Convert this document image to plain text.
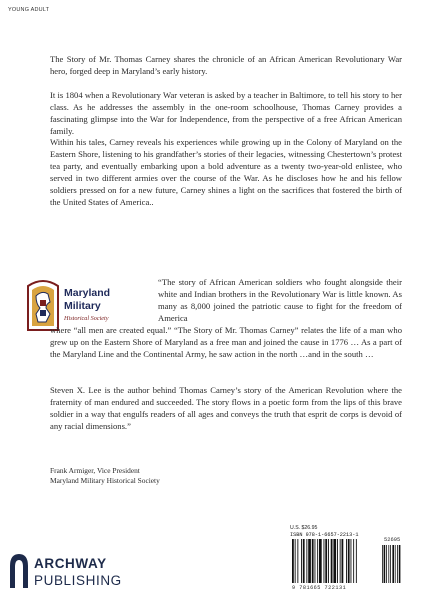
YOUNG ADULT

The Story of Mr. Thomas Carney shares the chronicle of an African American Revolutionary War hero, forged deep in Maryland’s early history.

It is 1804 when a Revolutionary War veteran is asked by a teacher in Baltimore, to tell his story to her class. As he addresses the assembly in the one-room schoolhouse, Thomas Carney provides a fascinating glimpse into the War for Independence, from the perspective of a free African American family.

Within his tales, Carney reveals his experiences while growing up in the Colony of Maryland on the Eastern Shore, listening to his grandfather’s stories of their legacies, witnessing Chestertown’s protest tea party, and eventually embarking upon a bold adventure as a twenty two-year-old enlistee, who served in two different armies over the course of the War. As he discloses how he and his fellow soldiers pressed on for a new future, Carney shines a light on the sacrifices that fostered the birth of the United States of America..

Maryland
Military
Historical Society

“The story of African American soldiers who fought alongside their white and Indian brothers in the Revolutionary War is little known. As many as 8,000 joined the patriotic cause to fight for the freedom of America

where “all men are created equal.” “The Story of Mr. Thomas Carney” relates the life of a man who grew up on the Eastern Shore of Maryland as a free man and joined the cause in 1776 … As a part of the Maryland Line and the Continental Army, he saw action in the north …and in the south …

Steven X. Lee is the author behind Thomas Carney’s story of the American Revolution where the fraternity of man endured and succeeded. The story flows in a poetic form from the lips of this brave soldier in a way that engulfs readers of all ages and conveys the truth that esprit de corps is devoid of any racial dimensions.”

Frank Armiger, Vice President

Maryland Military Historical Society

U.S. $26.95
ISBN 978-1-6657-2213-1
52695
9 781665 722131
ARCHWAY
PUBLISHING
